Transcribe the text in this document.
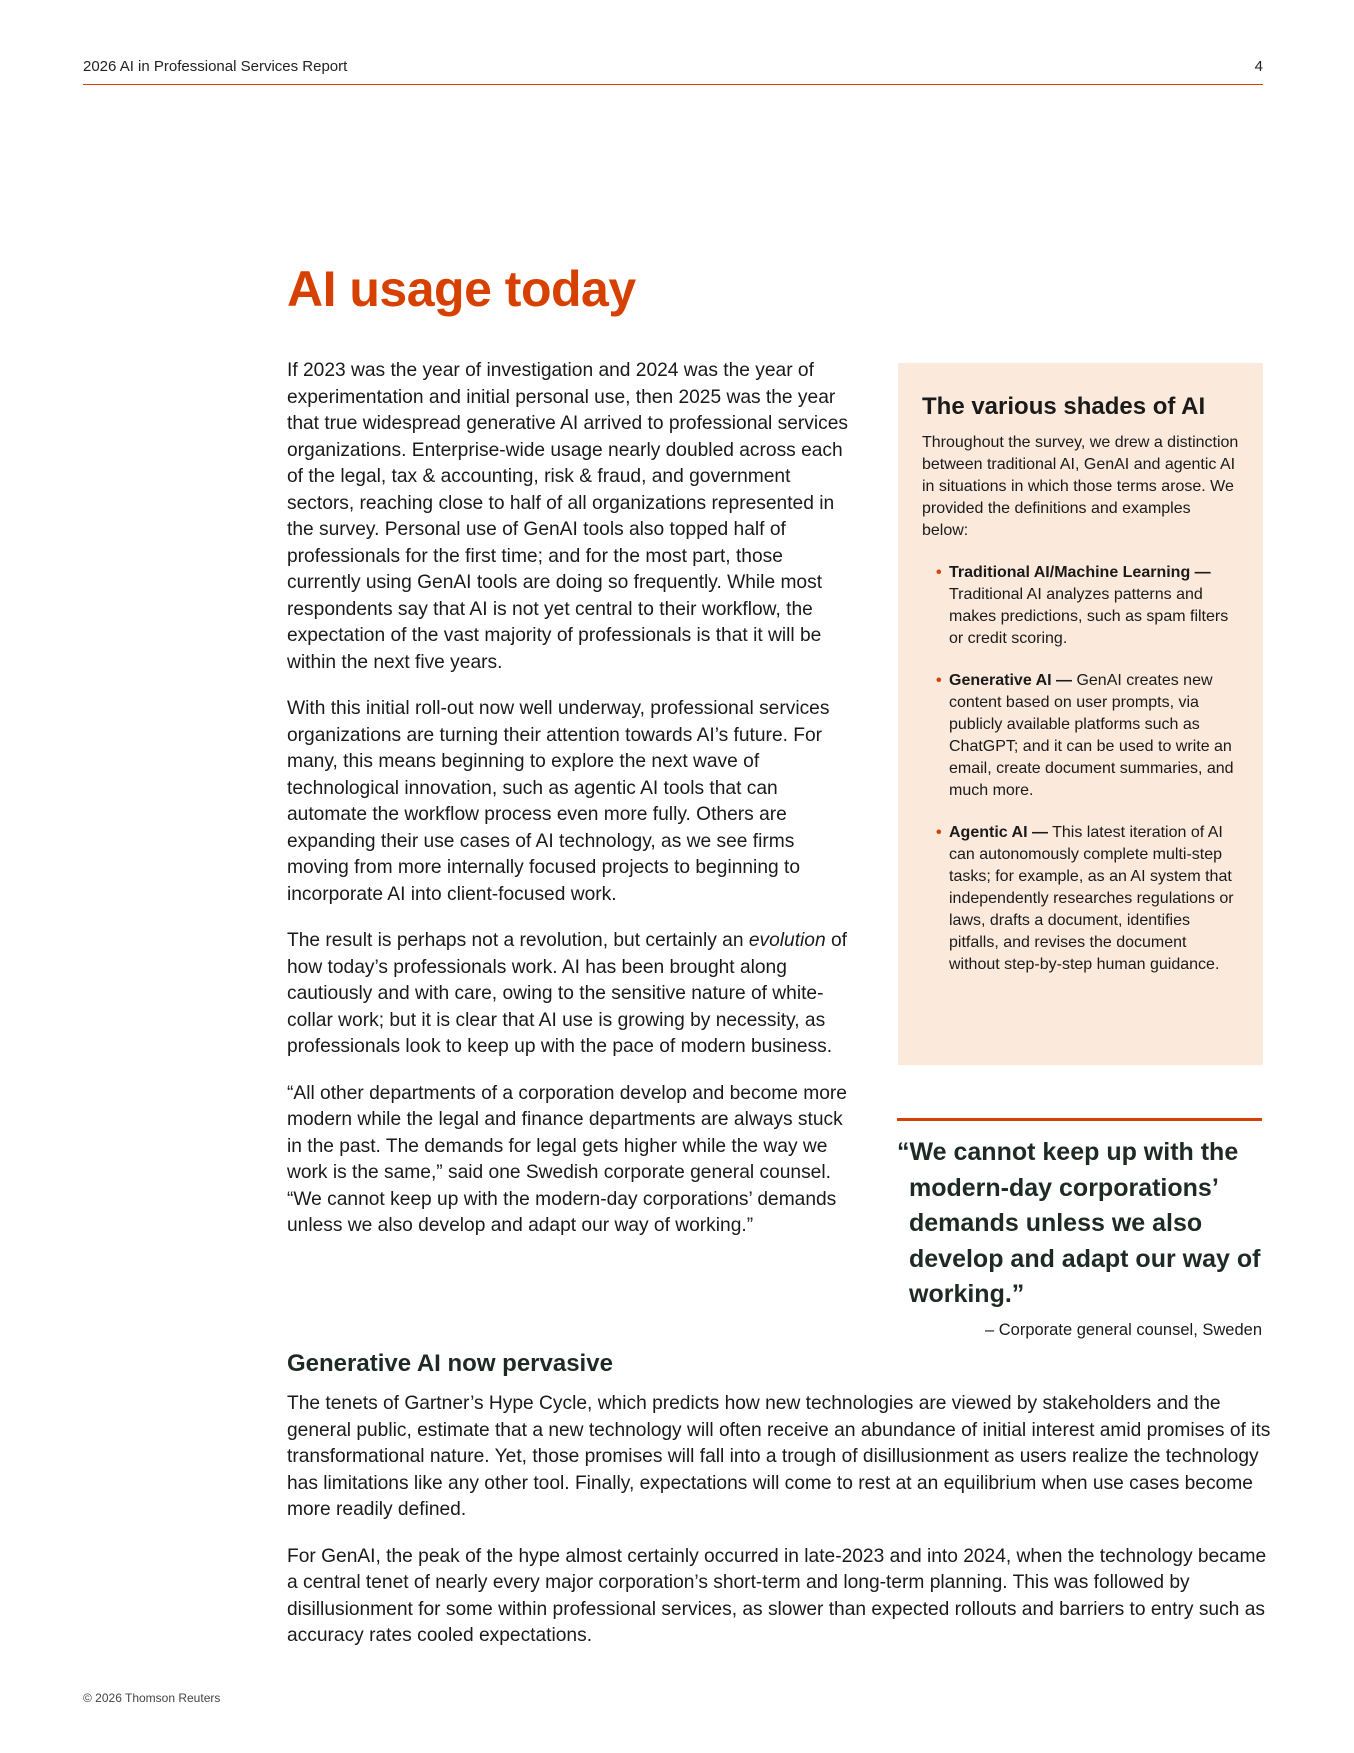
2026 AI in Professional Services Report	4
AI usage today

If 2023 was the year of investigation and 2024 was the year of experimentation and initial personal use, then 2025 was the year that true widespread generative AI arrived to professional services organizations. Enterprise-wide usage nearly doubled across each of the legal, tax & accounting, risk & fraud, and government sectors, reaching close to half of all organizations represented in the survey. Personal use of GenAI tools also topped half of professionals for the first time; and for the most part, those currently using GenAI tools are doing so frequently. While most respondents say that AI is not yet central to their workflow, the expectation of the vast majority of professionals is that it will be within the next five years.

With this initial roll-out now well underway, professional services organizations are turning their attention towards AI’s future. For many, this means beginning to explore the next wave of technological innovation, such as agentic AI tools that can automate the workflow process even more fully. Others are expanding their use cases of AI technology, as we see firms moving from more internally focused projects to beginning to incorporate AI into client-focused work.

The result is perhaps not a revolution, but certainly an evolution of how today’s professionals work. AI has been brought along cautiously and with care, owing to the sensitive nature of white-collar work; but it is clear that AI use is growing by necessity, as professionals look to keep up with the pace of modern business.

“All other departments of a corporation develop and become more modern while the legal and finance departments are always stuck in the past. The demands for legal gets higher while the way we work is the same,” said one Swedish corporate general counsel. “We cannot keep up with the modern-day corporations’ demands unless we also develop and adapt our way of working.”

The various shades of AI

Throughout the survey, we drew a distinction between traditional AI, GenAI and agentic AI in situations in which those terms arose. We provided the definitions and examples below:

• Traditional AI/Machine Learning — Traditional AI analyzes patterns and makes predictions, such as spam filters or credit scoring.
• Generative AI — GenAI creates new content based on user prompts, via publicly available platforms such as ChatGPT; and it can be used to write an email, create document summaries, and much more.
• Agentic AI — This latest iteration of AI can autonomously complete multi-step tasks; for example, as an AI system that independently researches regulations or laws, drafts a document, identifies pitfalls, and revises the document without step-by-step human guidance.
“We cannot keep up with the modern-day corporations’ demands unless we also develop and adapt our way of working.”
– Corporate general counsel, Sweden
Generative AI now pervasive

The tenets of Gartner’s Hype Cycle, which predicts how new technologies are viewed by stakeholders and the general public, estimate that a new technology will often receive an abundance of initial interest amid promises of its transformational nature. Yet, those promises will fall into a trough of disillusionment as users realize the technology has limitations like any other tool. Finally, expectations will come to rest at an equilibrium when use cases become more readily defined.

For GenAI, the peak of the hype almost certainly occurred in late-2023 and into 2024, when the technology became a central tenet of nearly every major corporation’s short-term and long-term planning. This was followed by disillusionment for some within professional services, as slower than expected rollouts and barriers to entry such as accuracy rates cooled expectations.

© 2026 Thomson Reuters
